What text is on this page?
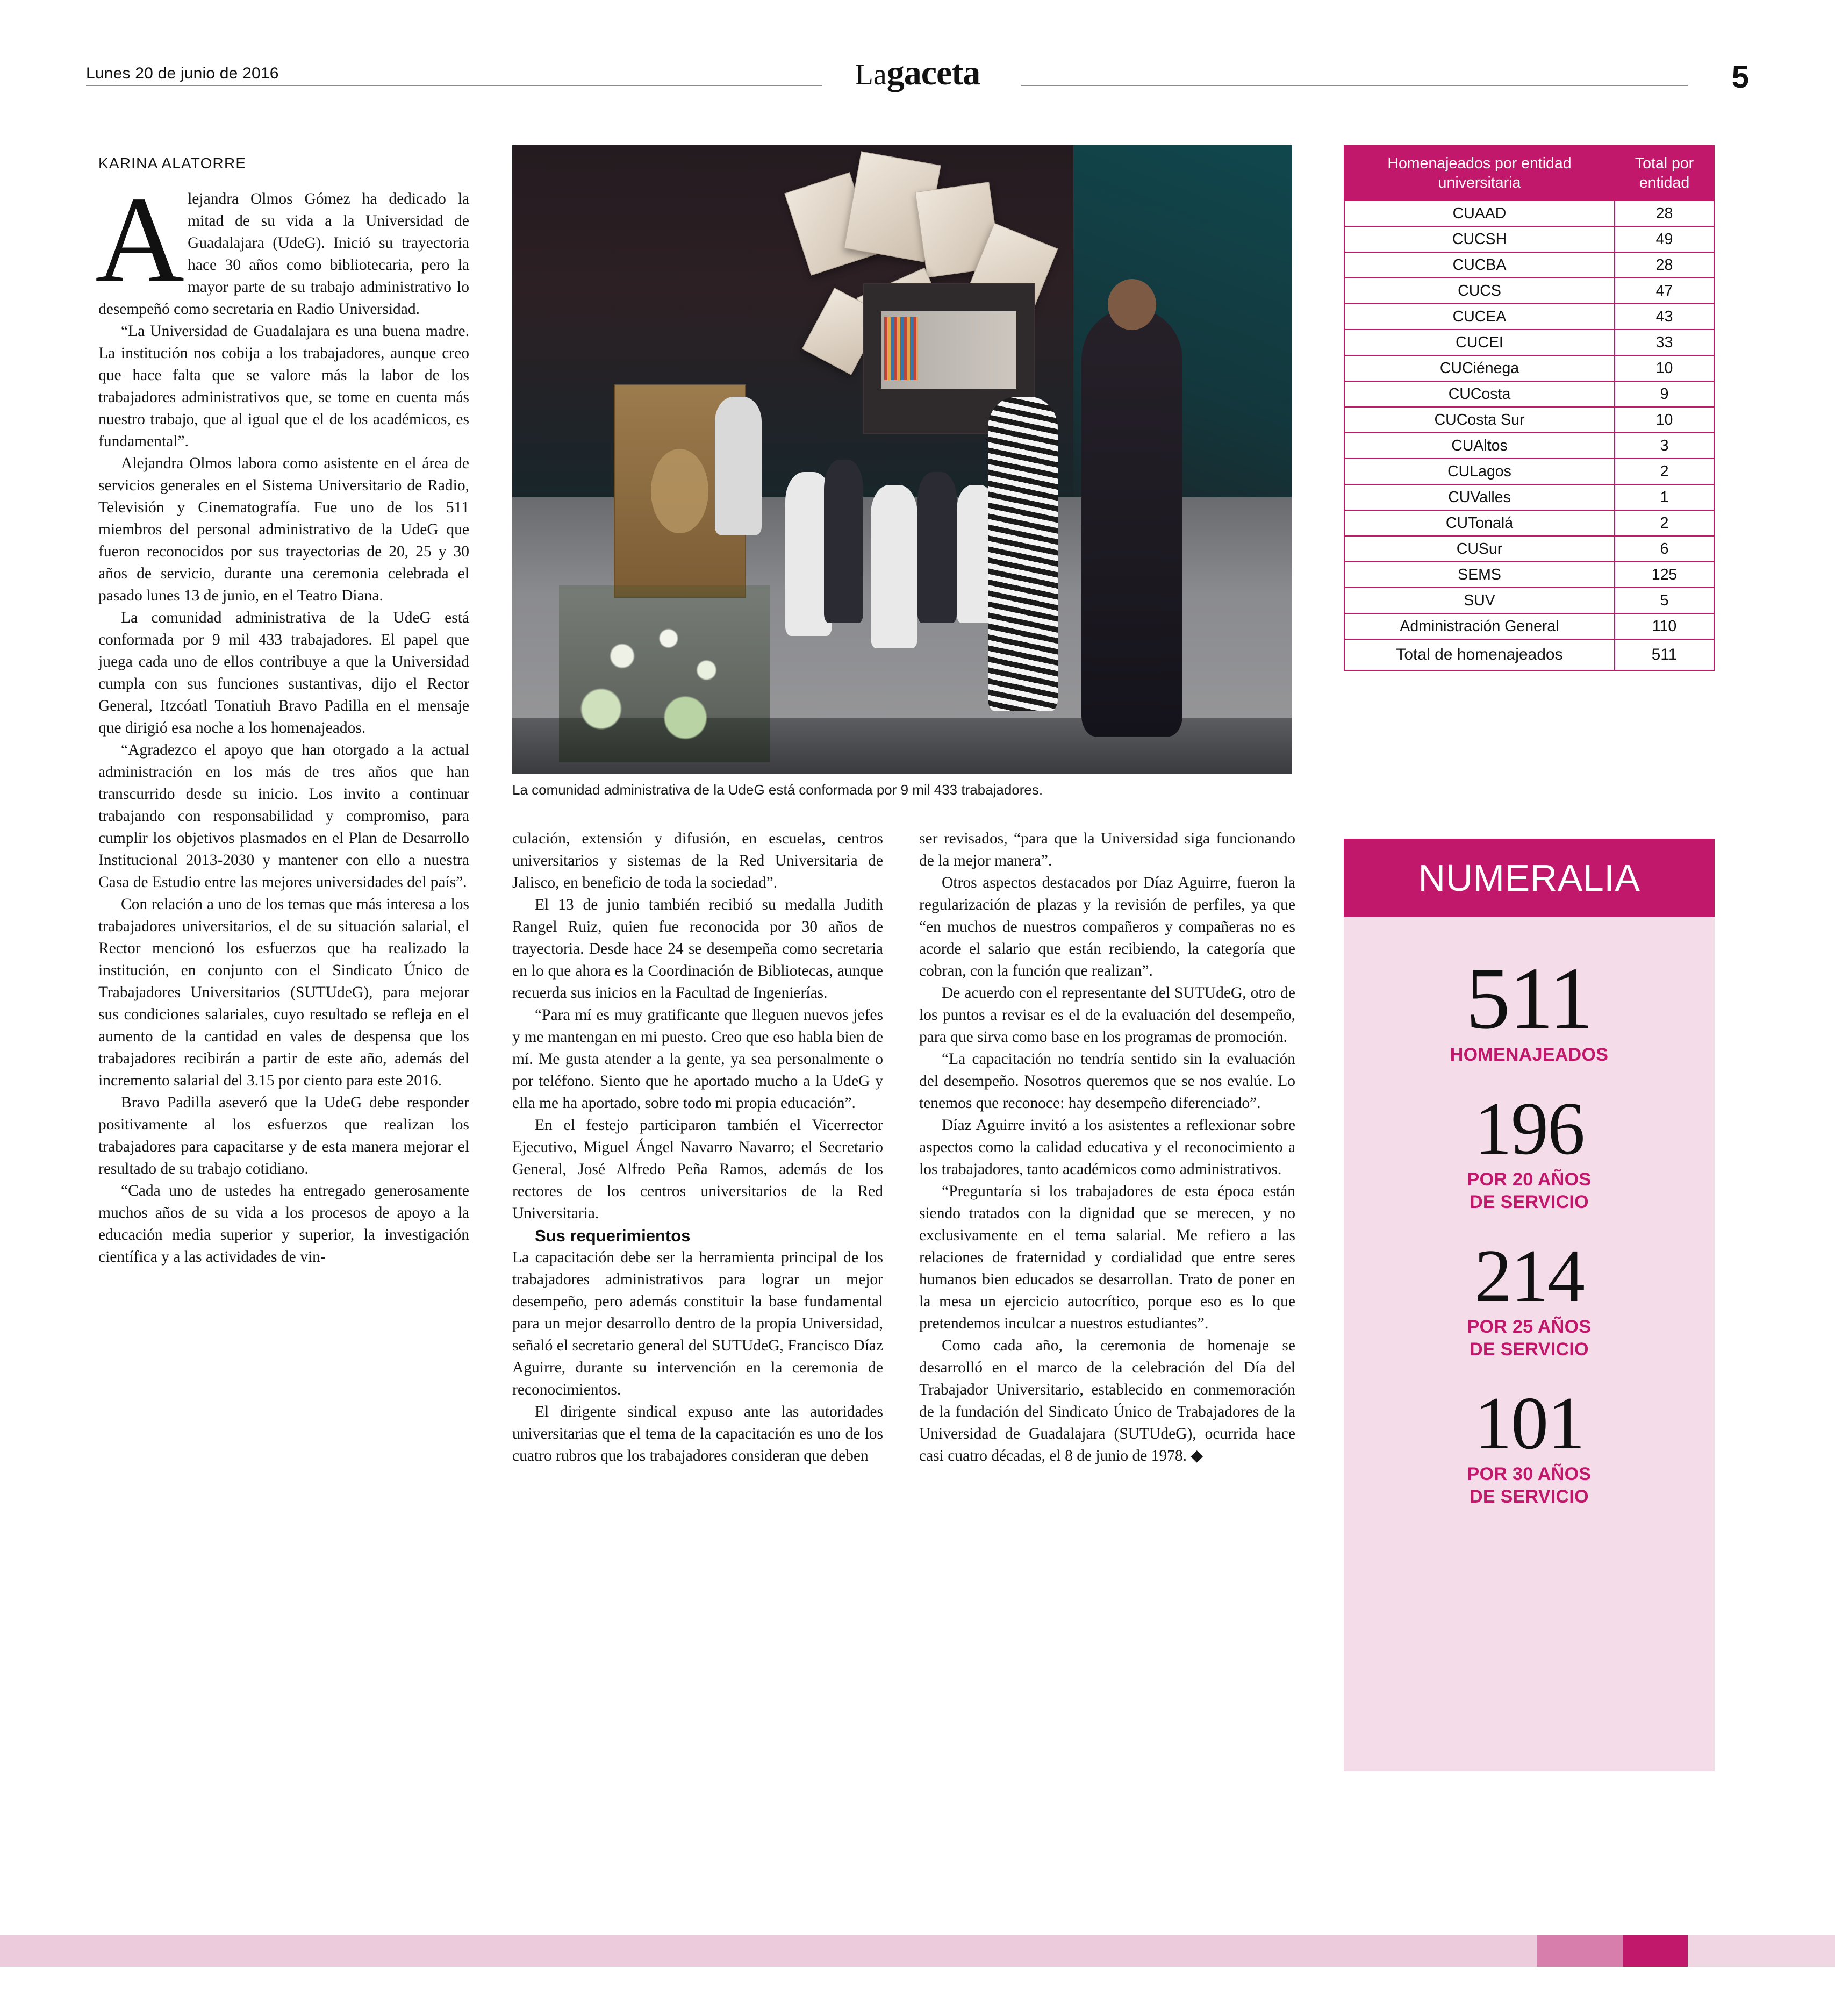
Lunes 20 de junio de 2016	Lagaceta	5
KARINA ALATORRE

Alejandra Olmos Gómez ha dedicado la mitad de su vida a la Universidad de Guadalajara (UdeG). Inició su trayectoria hace 30 años como bibliotecaria, pero la mayor parte de su trabajo administrativo lo desempeñó como secretaria en Radio Universidad.

“La Universidad de Guadalajara es una buena madre. La institución nos cobija a los trabajadores, aunque creo que hace falta que se valore más la labor de los trabajadores administrativos que, se tome en cuenta más nuestro trabajo, que al igual que el de los académicos, es fundamental”.

Alejandra Olmos labora como asistente en el área de servicios generales en el Sistema Universitario de Radio, Televisión y Cinematografía. Fue uno de los 511 miembros del personal administrativo de la UdeG que fueron reconocidos por sus trayectorias de 20, 25 y 30 años de servicio, durante una ceremonia celebrada el pasado lunes 13 de junio, en el Teatro Diana.

La comunidad administrativa de la UdeG está conformada por 9 mil 433 trabajadores. El papel que juega cada uno de ellos contribuye a que la Universidad cumpla con sus funciones sustantivas, dijo el Rector General, Itzcóatl Tonatiuh Bravo Padilla en el mensaje que dirigió esa noche a los homenajeados.

“Agradezco el apoyo que han otorgado a la actual administración en los más de tres años que han transcurrido desde su inicio. Los invito a continuar trabajando con responsabilidad y compromiso, para cumplir los objetivos plasmados en el Plan de Desarrollo Institucional 2013-2030 y mantener con ello a nuestra Casa de Estudio entre las mejores universidades del país”.

Con relación a uno de los temas que más interesa a los trabajadores universitarios, el de su situación salarial, el Rector mencionó los esfuerzos que ha realizado la institución, en conjunto con el Sindicato Único de Trabajadores Universitarios (SUTUdeG), para mejorar sus condiciones salariales, cuyo resultado se refleja en el aumento de la cantidad en vales de despensa que los trabajadores recibirán a partir de este año, además del incremento salarial del 3.15 por ciento para este 2016.

Bravo Padilla aseveró que la UdeG debe responder positivamente al los esfuerzos que realizan los trabajadores para capacitarse y de esta manera mejorar el resultado de su trabajo cotidiano.

“Cada uno de ustedes ha entregado generosamente muchos años de su vida a los procesos de apoyo a la educación media superior y superior, la investigación científica y a las actividades de vin-

La comunidad administrativa de la UdeG está conformada por 9 mil 433 trabajadores.

culación, extensión y difusión, en escuelas, centros universitarios y sistemas de la Red Universitaria de Jalisco, en beneficio de toda la sociedad”.

El 13 de junio también recibió su medalla Judith Rangel Ruiz, quien fue reconocida por 30 años de trayectoria. Desde hace 24 se desempeña como secretaria en lo que ahora es la Coordinación de Bibliotecas, aunque recuerda sus inicios en la Facultad de Ingenierías.

“Para mí es muy gratificante que lleguen nuevos jefes y me mantengan en mi puesto. Creo que eso habla bien de mí. Me gusta atender a la gente, ya sea personalmente o por teléfono. Siento que he aportado mucho a la UdeG y ella me ha aportado, sobre todo mi propia educación”.

En el festejo participaron también el Vicerrector Ejecutivo, Miguel Ángel Navarro Navarro; el Secretario General, José Alfredo Peña Ramos, además de los rectores de los centros universitarios de la Red Universitaria.

Sus requerimientos

La capacitación debe ser la herramienta principal de los trabajadores administrativos para lograr un mejor desempeño, pero además constituir la base fundamental para un mejor desarrollo dentro de la propia Universidad, señaló el secretario general del SUTUdeG, Francisco Díaz Aguirre, durante su intervención en la ceremonia de reconocimientos.

El dirigente sindical expuso ante las autoridades universitarias que el tema de la capacitación es uno de los cuatro rubros que los trabajadores consideran que deben

ser revisados, “para que la Universidad siga funcionando de la mejor manera”.

Otros aspectos destacados por Díaz Aguirre, fueron la regularización de plazas y la revisión de perfiles, ya que “en muchos de nuestros compañeros y compañeras no es acorde el salario que están recibiendo, la categoría que cobran, con la función que realizan”.

De acuerdo con el representante del SUTUdeG, otro de los puntos a revisar es el de la evaluación del desempeño, para que sirva como base en los programas de promoción.

“La capacitación no tendría sentido sin la evaluación del desempeño. Nosotros queremos que se nos evalúe. Lo tenemos que reconoce: hay desempeño diferenciado”.

Díaz Aguirre invitó a los asistentes a reflexionar sobre aspectos como la calidad educativa y el reconocimiento a los trabajadores, tanto académicos como administrativos.

“Preguntaría si los trabajadores de esta época están siendo tratados con la dignidad que se merecen, y no exclusivamente en el tema salarial. Me refiero a las relaciones de fraternidad y cordialidad que entre seres humanos bien educados se desarrollan. Trato de poner en la mesa un ejercicio autocrítico, porque eso es lo que pretendemos inculcar a nuestros estudiantes”.

Como cada año, la ceremonia de homenaje se desarrolló en el marco de la celebración del Día del Trabajador Universitario, establecido en conmemoración de la fundación del Sindicato Único de Trabajadores de la Universidad de Guadalajara (SUTUdeG), ocurrida hace casi cuatro décadas, el 8 de junio de 1978. ◆

Homenajeados por entidad universitaria	Total por entidad
CUAAD	28
CUCSH	49
CUCBA	28
CUCS	47
CUCEA	43
CUCEI	33
CUCiénega	10
CUCosta	9
CUCosta Sur	10
CUAltos	3
CULagos	2
CUValles	1
CUTonalá	2
CUSur	6
SEMS	125
SUV	5
Administración General	110
Total de homenajeados	511
NUMERALIA
511
HOMENAJEADOS
196
POR 20 AÑOS
DE SERVICIO
214
POR 25 AÑOS
DE SERVICIO
101
POR 30 AÑOS
DE SERVICIO
